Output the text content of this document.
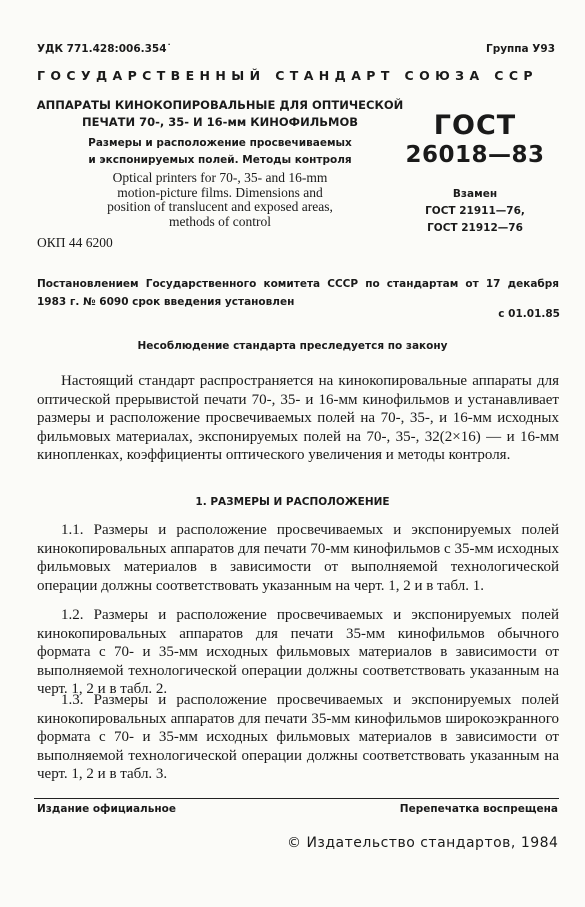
УДК 771.428:006.354˙	Группа У93
ГОСУДАРСТВЕННЫЙ СТАНДАРТ СОЮЗА ССР
АППАРАТЫ КИНОКОПИРОВАЛЬНЫЕ ДЛЯ ОПТИЧЕСКОЙ
ПЕЧАТИ 70-, 35- И 16-мм КИНОФИЛЬМОВ
Размеры и расположение просвечиваемых
и экспонируемых полей. Методы контроля
Optical printers for 70-, 35- and 16-mm
motion-picture films. Dimensions and
position of translucent and exposed areas,
methods of control
ГОСТ
26018—83
Взамен
ГОСТ 21911—76,
ГОСТ 21912—76
ОКП 44 6200
Постановлением Государственного комитета СССР по стандартам от 17 декабря 1983 г. № 6090 срок введения установлен
с 01.01.85
Несоблюдение стандарта преследуется по закону

Настоящий стандарт распространяется на кинокопировальные аппараты для оптической прерывистой печати 70-, 35- и 16-мм кинофильмов и устанавливает размеры и расположение просвечиваемых полей на 70-, 35-, и 16-мм исходных фильмовых материалах, экспонируемых полей на 70-, 35-, 32(2×16) — и 16-мм кинопленках, коэффициенты оптического увеличения и методы контроля.

1. РАЗМЕРЫ И РАСПОЛОЖЕНИЕ

1.1. Размеры и расположение просвечиваемых и экспонируемых полей кинокопировальных аппаратов для печати 70-мм кинофильмов с 35-мм исходных фильмовых материалов в зависимости от выполняемой технологической операции должны соответствовать указанным на черт. 1, 2 и в табл. 1.

1.2. Размеры и расположение просвечиваемых и экспонируемых полей кинокопировальных аппаратов для печати 35-мм кинофильмов обычного формата с 70- и 35-мм исходных фильмовых материалов в зависимости от выполняемой технологической операции должны соответствовать указанным на черт. 1, 2 и в табл. 2.

1.3. Размеры и расположение просвечиваемых и экспонируемых полей кинокопировальных аппаратов для печати 35-мм кинофильмов широкоэкранного формата с 70- и 35-мм исходных фильмовых материалов в зависимости от выполняемой технологической операции должны соответствовать указанным на черт. 1, 2 и в табл. 3.

Издание официальное	Перепечатка воспрещена
© Издательство стандартов, 1984
